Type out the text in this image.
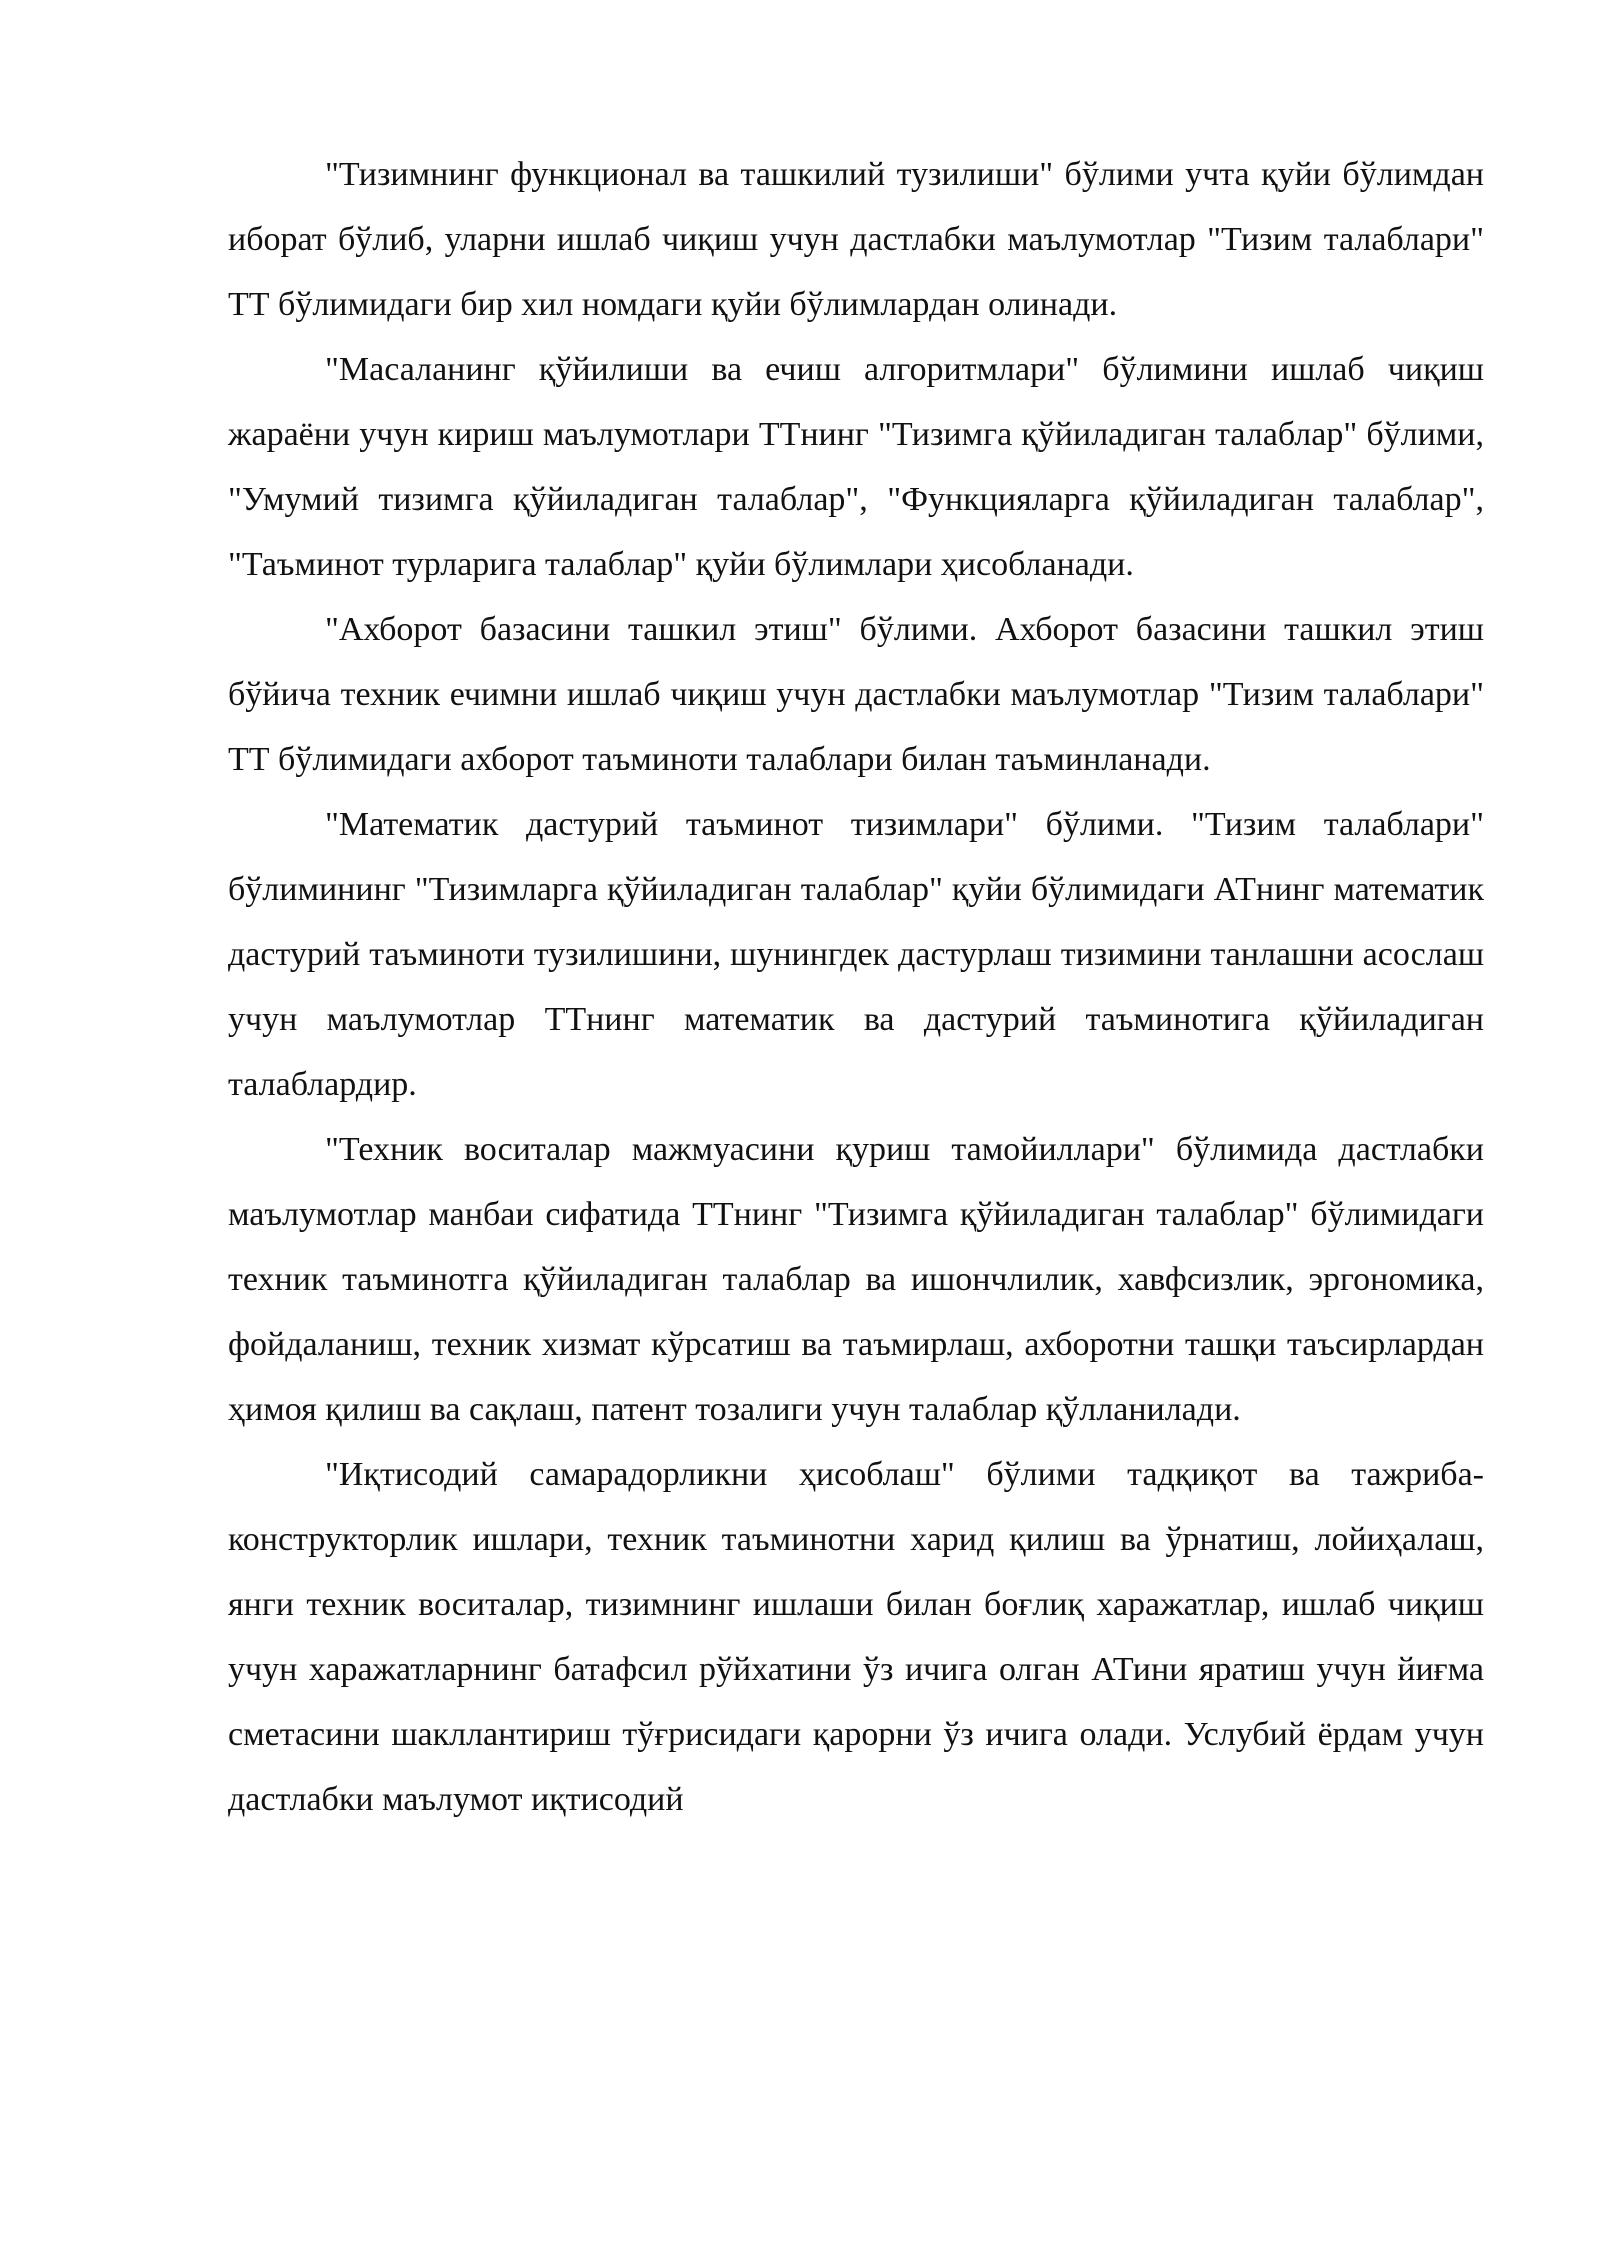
"Тизимнинг функционал ва ташкилий тузилиши" бўлими учта қуйи бўлимдан иборат бўлиб, уларни ишлаб чиқиш учун дастлабки маълумотлар "Тизим талаблари" ТТ бўлимидаги бир хил номдаги қуйи бўлимлардан олинади.

"Масаланинг қўйилиши ва ечиш алгоритмлари" бўлимини ишлаб чиқиш жараёни учун кириш маълумотлари ТТнинг "Тизимга қўйиладиган талаблар" бўлими, "Умумий тизимга қўйиладиган талаблар", "Функцияларга қўйиладиган талаблар", "Таъминот турларига талаблар" қуйи бўлимлари ҳисобланади.

"Ахборот базасини ташкил этиш" бўлими. Ахборот базасини ташкил этиш бўйича техник ечимни ишлаб чиқиш учун дастлабки маълумотлар "Тизим талаблари" ТТ бўлимидаги ахборот таъминоти талаблари билан таъминланади.

"Математик дастурий таъминот тизимлари" бўлими. "Тизим талаблари" бўлимининг "Тизимларга қўйиладиган талаблар" қуйи бўлимидаги АТнинг математик дастурий таъминоти тузилишини, шунингдек дастурлаш тизимини танлашни асослаш учун маълумотлар ТТнинг математик ва дастурий таъминотига қўйиладиган талаблардир.

"Техник воситалар мажмуасини қуриш тамойиллари" бўлимида дастлабки маълумотлар манбаи сифатида ТТнинг "Тизимга қўйиладиган талаблар" бўлимидаги техник таъминотга қўйиладиган талаблар ва ишончлилик, хавфсизлик, эргономика, фойдаланиш, техник хизмат кўрсатиш ва таъмирлаш, ахборотни ташқи таъсирлардан ҳимоя қилиш ва сақлаш, патент тозалиги учун талаблар қўлланилади.

"Иқтисодий самарадорликни ҳисоблаш" бўлими тадқиқот ва тажриба-конструкторлик ишлари, техник таъминотни харид қилиш ва ўрнатиш, лойиҳалаш, янги техник воситалар, тизимнинг ишлаши билан боғлиқ харажатлар, ишлаб чиқиш учун харажатларнинг батафсил рўйхатини ўз ичига олган АТини яратиш учун йиғма сметасини шакллантириш тўғрисидаги қарорни ўз ичига олади. Услубий ёрдам учун дастлабки маълумот иқтисодий
